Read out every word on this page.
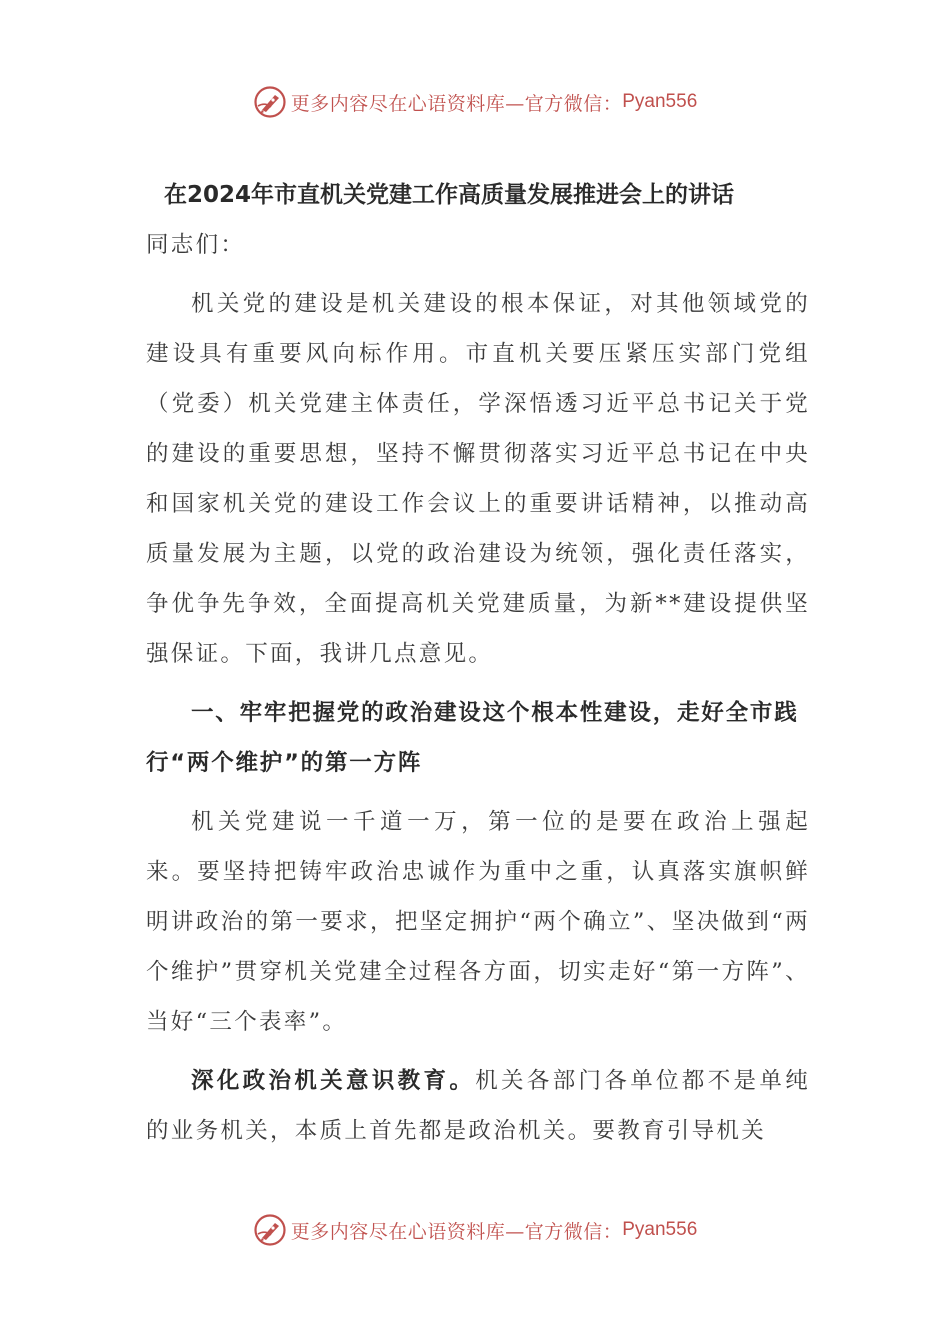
更多内容尽在心语资料库—官方微信： Pyan556
在2024年市直机关党建工作高质量发展推进会上的讲话

同志们：

机关党的建设是机关建设的根本保证，对其他领域党的建设具有重要风向标作用。市直机关要压紧压实部门党组（党委）机关党建主体责任，学深悟透习近平总书记关于党的建设的重要思想，坚持不懈贯彻落实习近平总书记在中央和国家机关党的建设工作会议上的重要讲话精神，以推动高质量发展为主题，以党的政治建设为统领，强化责任落实，争优争先争效，全面提高机关党建质量，为新**建设提供坚强保证。下面，我讲几点意见。

一、牢牢把握党的政治建设这个根本性建设，走好全市践行“两个维护”的第一方阵

机关党建说一千道一万，第一位的是要在政治上强起来。要坚持把铸牢政治忠诚作为重中之重，认真落实旗帜鲜明讲政治的第一要求，把坚定拥护“两个确立”、坚决做到“两个维护”贯穿机关党建全过程各方面，切实走好“第一方阵”、当好“三个表率”。

深化政治机关意识教育。机关各部门各单位都不是单纯的业务机关，本质上首先都是政治机关。要教育引导机关

更多内容尽在心语资料库—官方微信： Pyan556
